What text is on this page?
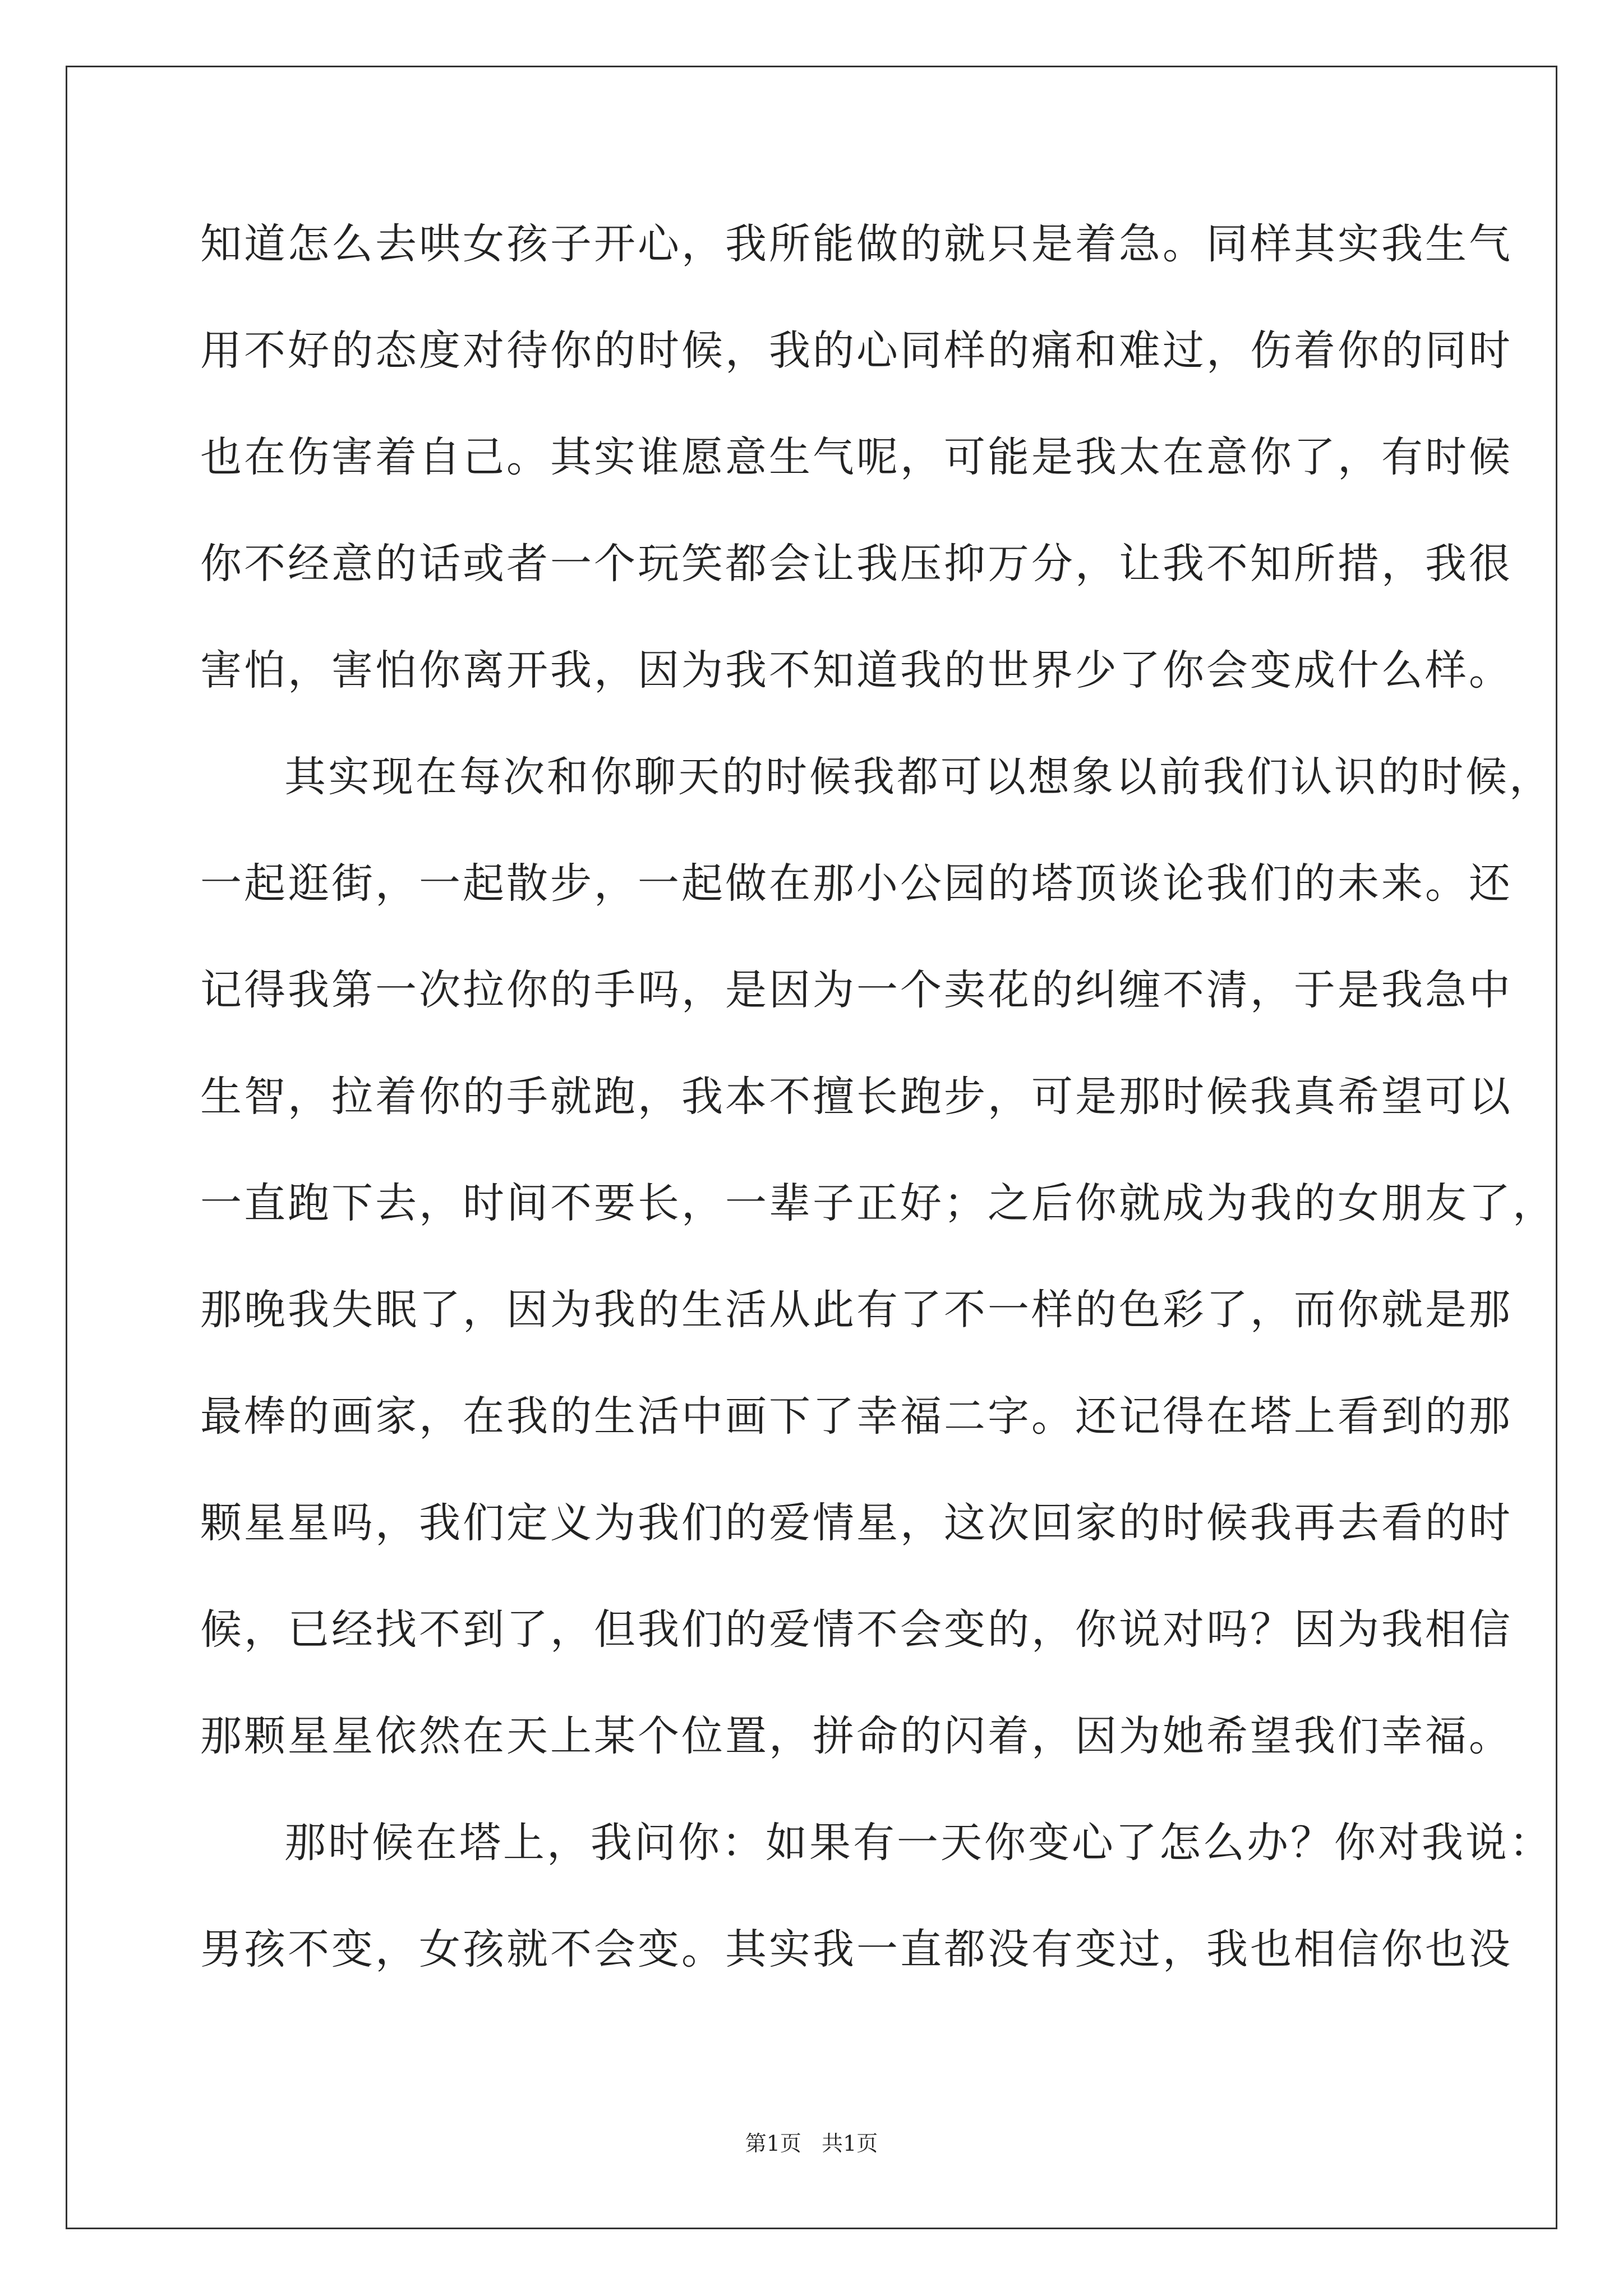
知道怎么去哄女孩子开心，我所能做的就只是着急。同样其实我生气
用不好的态度对待你的时候，我的心同样的痛和难过，伤着你的同时
也在伤害着自己。其实谁愿意生气呢，可能是我太在意你了，有时候
你不经意的话或者一个玩笑都会让我压抑万分，让我不知所措，我很
害怕，害怕你离开我，因为我不知道我的世界少了你会变成什么样。
其实现在每次和你聊天的时候我都可以想象以前我们认识的时候，
一起逛街，一起散步，一起做在那小公园的塔顶谈论我们的未来。还
记得我第一次拉你的手吗，是因为一个卖花的纠缠不清，于是我急中
生智，拉着你的手就跑，我本不擅长跑步，可是那时候我真希望可以
一直跑下去，时间不要长，一辈子正好；之后你就成为我的女朋友了，
那晚我失眠了，因为我的生活从此有了不一样的色彩了，而你就是那
最棒的画家，在我的生活中画下了幸福二字。还记得在塔上看到的那
颗星星吗，我们定义为我们的爱情星，这次回家的时候我再去看的时
候，已经找不到了，但我们的爱情不会变的，你说对吗？因为我相信
那颗星星依然在天上某个位置，拼命的闪着，因为她希望我们幸福。
那时候在塔上，我问你：如果有一天你变心了怎么办？你对我说：
男孩不变，女孩就不会变。其实我一直都没有变过，我也相信你也没
第1页   共1页
